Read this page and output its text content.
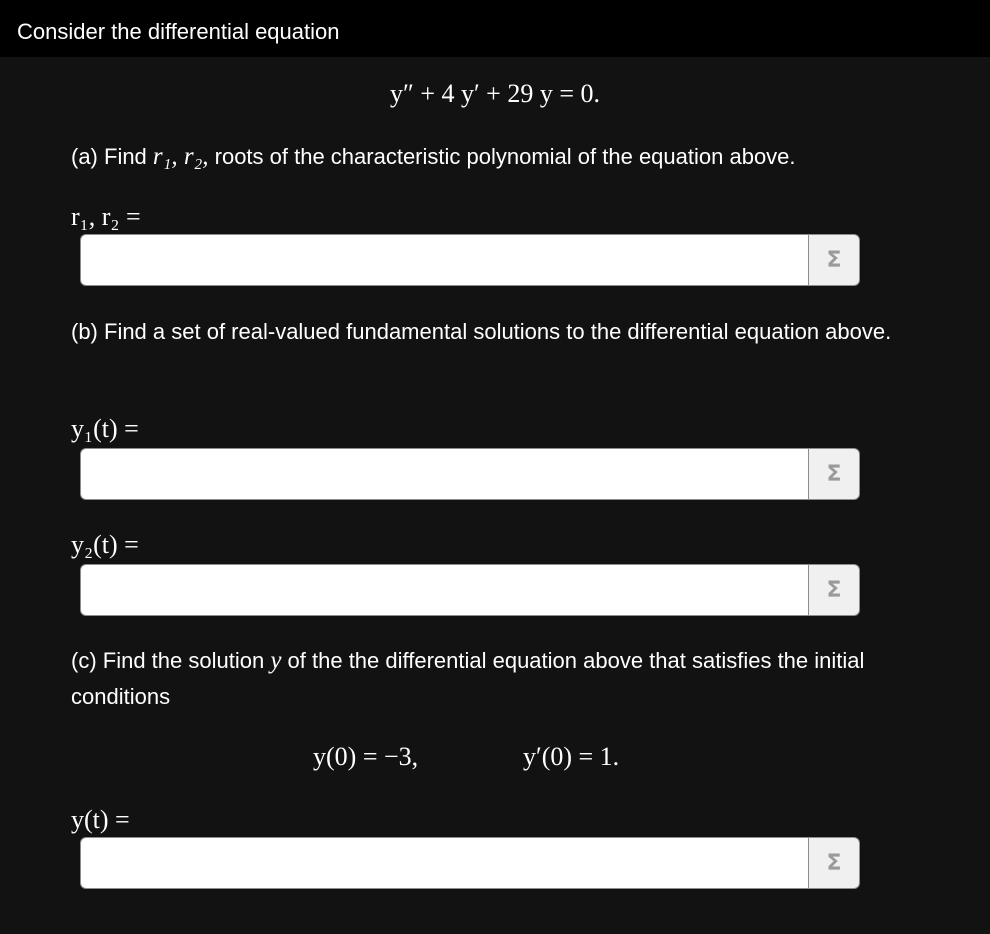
Consider the differential equation
y″ + 4 y′ + 29 y = 0.
(a) Find r₁, r₂, roots of the characteristic polynomial of the equation above.
r₁, r₂ =
Σ
(b) Find a set of real-valued fundamental solutions to the differential equation above.
y₁(t) =
Σ
y₂(t) =
Σ
(c) Find the solution y of the the differential equation above that satisfies the initial conditions
y(0) = −3,	y′(0) = 1.
y(t) =
Σ
